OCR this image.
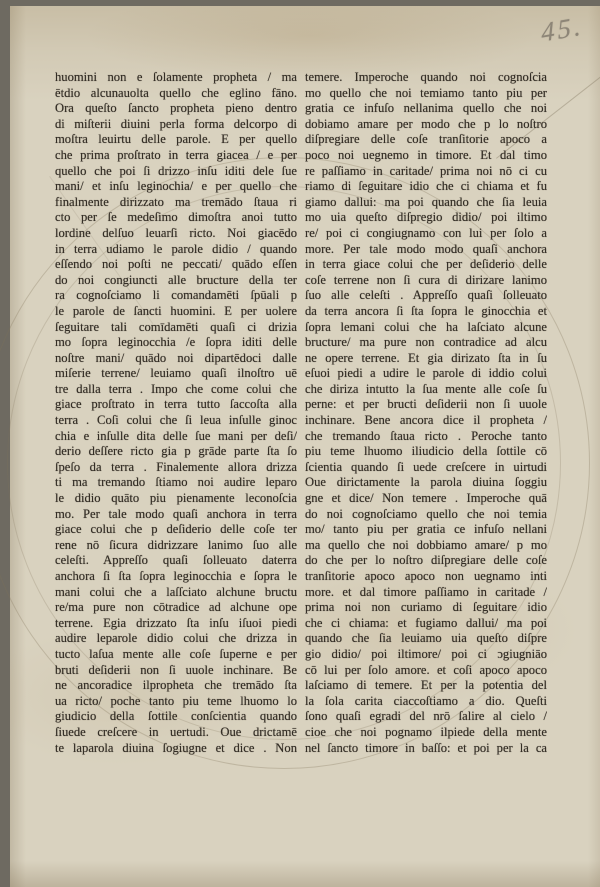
45.
huomini non e ſolamente propheta / ma
ētdio alcunauolta quello che eglino fāno.
Ora queſto ſancto propheta pieno dentro
di miſterii diuini perla forma delcorpo di
moſtra leuirtu delle parole. E per quello
che prima proſtrato in terra giacea / e per
quello che poi ſi drizzo inſu iditi dele ſue
mani/ et inſu leginochia/ e per quello che
finalmente dirizzato ma tremādo ſtaua ri
cto per ſe medeſimo dimoſtra anoi tutto
lordine delſuo leuarſi ricto. Noi giacēdo
in terra udiamo le parole didio / quando
eſſendo noi poſti ne peccati/ quādo eſſen
do noi congiuncti alle bructure della ter
ra cognoſciamo li comandamēti ſpūali p
le parole de ſancti huomini. E per uolere
ſeguitare tali comīdamēti quaſi ci drizia
mo ſopra leginocchia /e ſopra iditi delle
noſtre mani/ quādo noi dipartēdoci dalle
miſerie terrene/ leuiamo quaſi ilnoſtro uē
tre dalla terra . Impo che come colui che
giace proſtrato in terra tutto ſaccoſta alla
terra . Coſi colui che ſi leua inſulle ginoc
chia e inſulle dita delle ſue mani per deſi/
derio deſſere ricto gia p grāde parte ſta ſo
ſpeſo da terra . Finalemente allora drizza
ti ma tremando ſtiamo noi audire leparo
le didio quāto piu pienamente leconoſcia
mo. Per tale modo quaſi anchora in terra
giace colui che p deſiderio delle coſe ter
rene nō ſicura didrizzare lanimo ſuo alle
celeſti. Appreſſo quaſi ſolleuato daterra
anchora ſi ſta ſopra leginocchia e ſopra le
mani colui che a laſſciato alchune bructu
re/ma pure non cōtradice ad alchune ope
terrene. Egia drizzato ſta inſu iſuoi piedi
audire leparole didio colui che drizza in
tucto laſua mente alle coſe ſuperne e per
bruti deſiderii non ſi uuole inchinare. Be
ne ancoradice ilpropheta che tremādo ſta
ua ricto/ poche tanto piu teme lhuomo lo
giudicio della ſottile conſcientia quando
ſiuede creſcere in uertudi. Oue drictamē
te laparola diuina ſogiugne et dice . Non
temere. Imperoche quando noi cognoſcia
mo quello che noi temiamo tanto piu per
gratia ce infuſo nellanima quello che noi
dobiamo amare per modo che p lo noſtro
diſpregiare delle coſe tranſitorie apoco a
poco noi uegnemo in timore. Et dal timo
re paſſiamo in caritade/ prima noi nō ci cu
riamo di ſeguitare idio che ci chiama et fu
giamo dallui: ma poi quando che ſia leuia
mo uia queſto diſpregio didio/ poi iltimo
re/ poi ci congiugnamo con lui per ſolo a
more. Per tale modo modo quaſi anchora
in terra giace colui che per deſiderio delle
coſe terrene non ſi cura di dirizare lanimo
ſuo alle celeſti . Appreſſo quaſi ſolleuato
da terra ancora ſi ſta ſopra le ginocchia et
ſopra lemani colui che ha laſciato alcune
bructure/ ma pure non contradice ad alcu
ne opere terrene. Et gia dirizato ſta in ſu
eſuoi piedi a udire le parole di iddio colui
che diriza intutto la ſua mente alle coſe ſu
perne: et per bructi deſiderii non ſi uuole
inchinare. Bene ancora dice il propheta /
che tremando ſtaua ricto . Peroche tanto
piu teme lhuomo iliudicio della ſottile cō
ſcientia quando ſi uede creſcere in uirtudi
Oue dirictamente la parola diuina ſoggiu
gne et dice/ Non temere . Imperoche quā
do noi cognoſciamo quello che noi temia
mo/ tanto piu per gratia ce infuſo nellani
ma quello che noi dobbiamo amare/ p mo
do che per lo noſtro diſpregiare delle coſe
tranſitorie apoco apoco non uegnamo inti
more. et dal timore paſſiamo in caritade /
prima noi non curiamo di ſeguitare idio
che ci chiama: et fugiamo dallui/ ma poi
quando che ſia leuiamo uia queſto diſpre
gio didio/ poi iltimore/ poi ci ɔgiugniāo
cō lui per ſolo amore. et coſi apoco apoco
laſciamo di temere. Et per la potentia del
la ſola carita ciaccoſtiamo a dio. Queſti
ſono quaſi egradi del nrō ſalire al cielo /
cioe che noi pognamo ilpiede della mente
nel ſancto timore in baſſo: et poi per la ca
